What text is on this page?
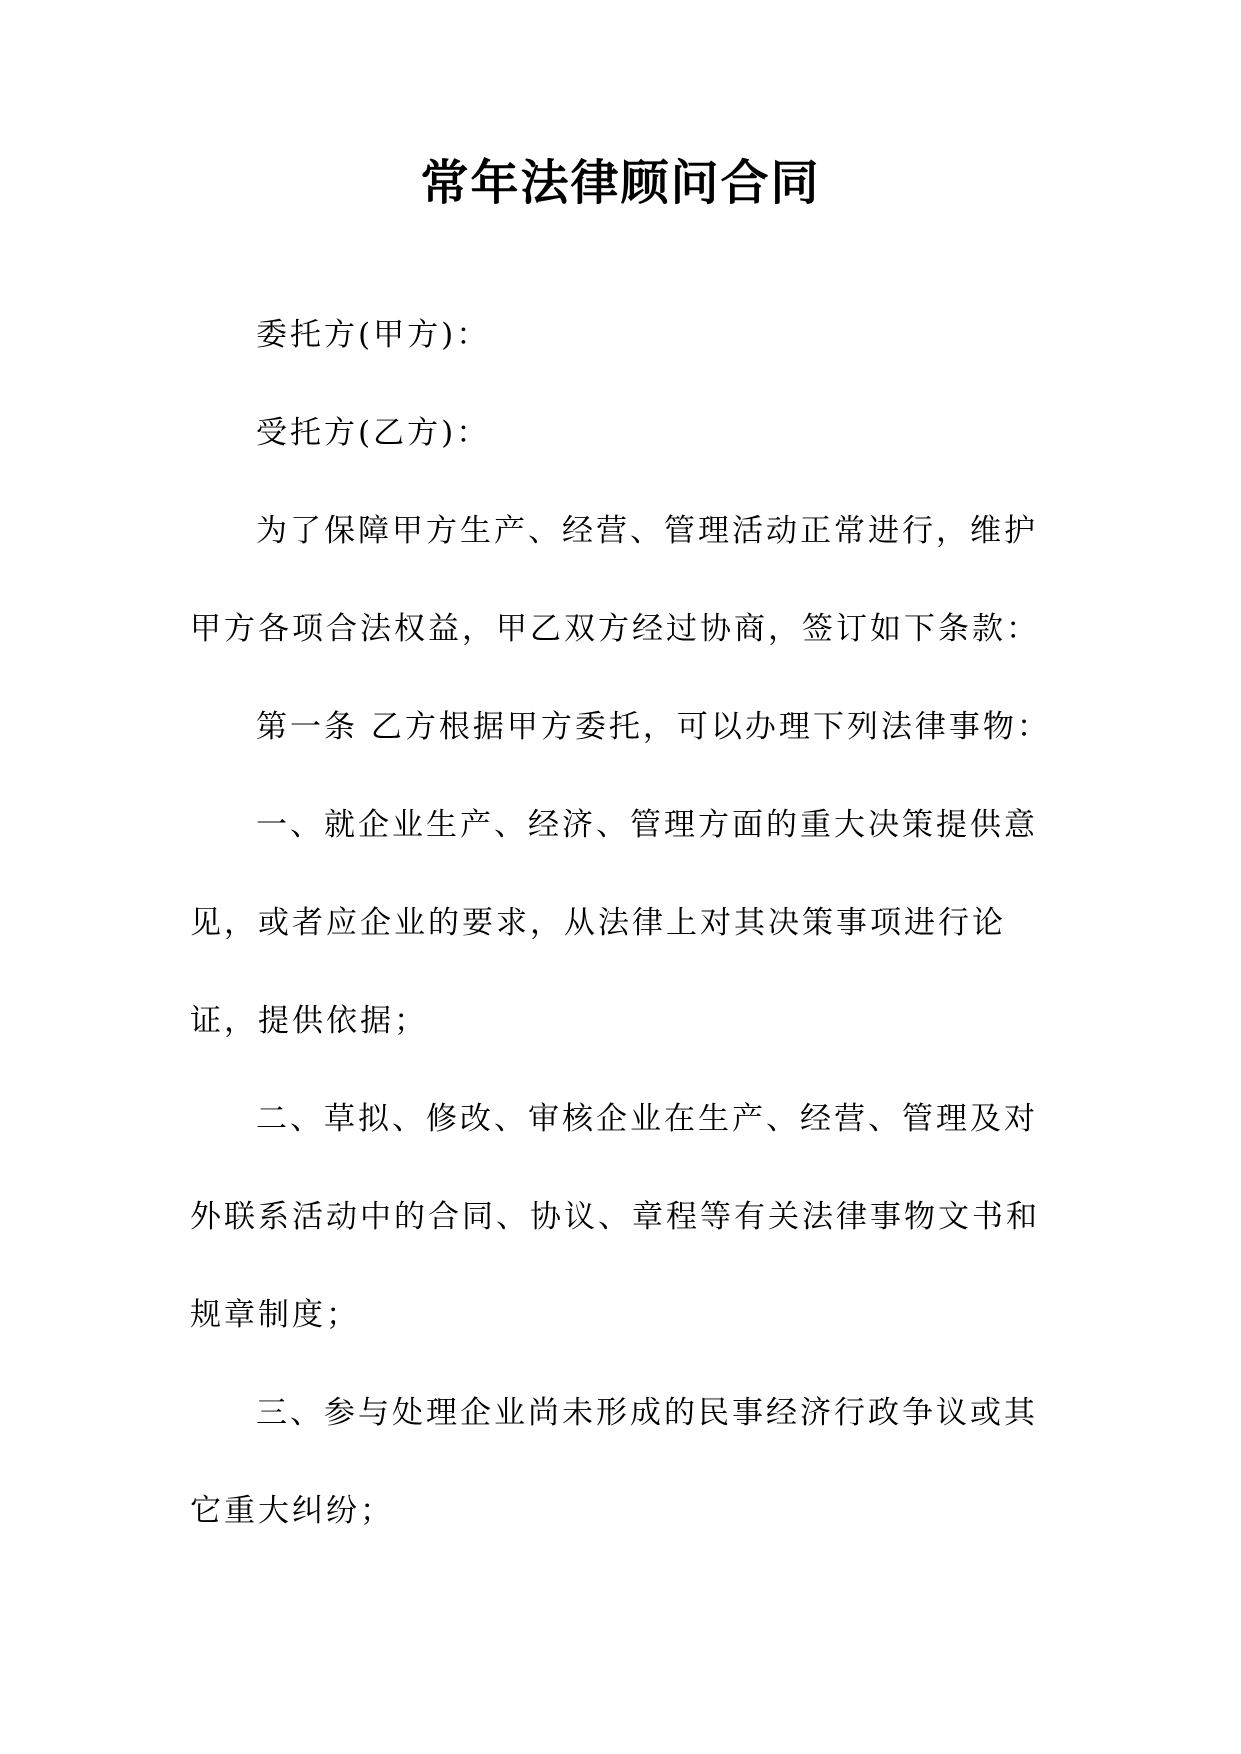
常年法律顾问合同
委托方(甲方)：
受托方(乙方)：
为了保障甲方生产、经营、管理活动正常进行，维护
甲方各项合法权益，甲乙双方经过协商，签订如下条款：
第一条 乙方根据甲方委托，可以办理下列法律事物：
一、就企业生产、经济、管理方面的重大决策提供意
见，或者应企业的要求，从法律上对其决策事项进行论
证，提供依据；
二、草拟、修改、审核企业在生产、经营、管理及对
外联系活动中的合同、协议、章程等有关法律事物文书和
规章制度；
三、参与处理企业尚未形成的民事经济行政争议或其
它重大纠纷；
